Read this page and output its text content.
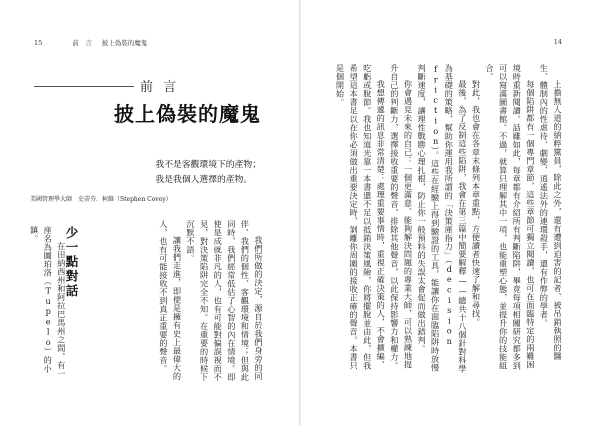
15	前　言 披上偽裝的魔鬼
前 言
披上偽裝的魔鬼
我不是客觀環境下的產物；
我是我個人選擇的產物。
美國管理學大師　史蒂芬．柯維（Stephen Covey）

我們所做的決定，源自於我們身旁的同伴、我們的個性、客觀環境和情境；但與此同時，我們經常低估了心智的內在情境。即使是成就非凡的人，也有可能對偏誤視而不見，對決策陷阱完全不知。在重要的時候下沉默不語。

讓我們走進，即便是擁有史上最偉大的人，也有可能接收不到真正重要的聲音。

少一點對話

在田納西州和阿拉巴馬州之間，有一座名為圖珀洛（Tupelo）的小鎮。

14

上擔無人道的納粹黨員，除此之外，還有遭到迫害的記者、被吊銷執照的醫生、體制內的性虐待、劇變、逍遙法外的連環殺手，還有作弊的學者。

每個陷阱都有一個專門章節，這些章節可獨立閱讀，也可在面臨特定的兩難困境時重新閱讀。話雖如此，每章都有介紹所有判斷陷阱，畢竟每項相關研究都多到可以寫滿圖書館。不過，就算只理解其中一項，也能重塑心態，並提升你的技能組合。

對此，我也會在各章末條列本章重點，方便讀者快速了解和尋找。

最後，為了反制這些陷阱，我會在第三篇中簡要解釋——總共十八個針對科學為基礎的策略，幫助你運用我所謂的「決策庫指力」（decision friction）。這些在經驗上得到驗證的工具，能讓你在面臨陷阱時放慢判斷速度，讓理性戰勝心理扎根，防止你一般預料的失誤太會促而做出錯判。

你會遇見未來的自己：一個更滿意、能夠解決問題的專業大師，可以熟練地提升自己的判斷力，選擇接收重要的聲音，排除其他聲音，以此保持影響力和權力。

我想傳遞的訊息非常清楚：處理重要事情時，重視正確決策的人，不會擴編、吃虧或脫節。我也知道光靠一本書還不足以抵銷決策風險，你將擺脫並由此，但我希望這本書足以在你必須做出重要決定時，剝離你周圍的接收正確的聲音。本書只是個開始。
